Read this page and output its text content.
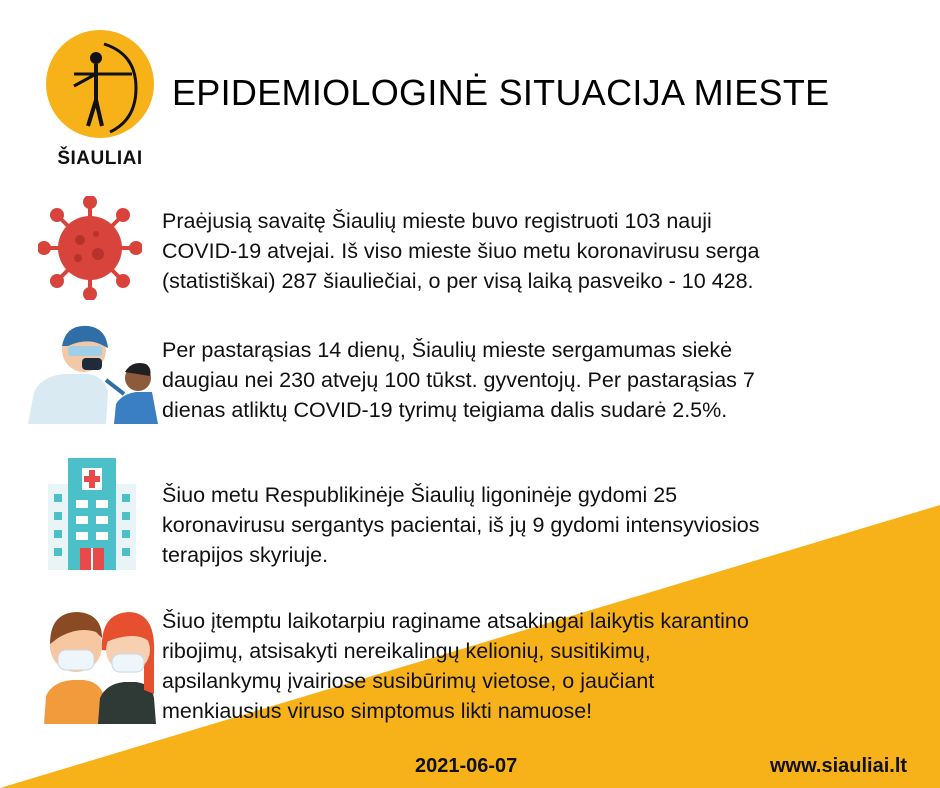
ŠIAULIAI
EPIDEMIOLOGINĖ SITUACIJA MIESTE
Praėjusią savaitę Šiaulių mieste buvo registruoti 103 nauji
COVID-19 atvejai. Iš viso mieste šiuo metu koronavirusu serga
(statistiškai) 287 šiauliečiai, o per visą laiką pasveiko - 10 428.
Per pastarąsias 14 dienų, Šiaulių mieste sergamumas siekė
daugiau nei 230 atvejų 100 tūkst. gyventojų. Per pastarąsias 7
dienas atliktų COVID-19 tyrimų teigiama dalis sudarė 2.5%.
Šiuo metu Respublikinėje Šiaulių ligoninėje gydomi 25
koronavirusu sergantys pacientai, iš jų 9 gydomi intensyviosios
terapijos skyriuje.
Šiuo įtemptu laikotarpiu raginame atsakingai laikytis karantino
ribojimų, atsisakyti nereikalingų kelionių, susitikimų,
apsilankymų įvairiose susibūrimų vietose, o jaučiant
menkiausius viruso simptomus likti namuose!
2021-06-07	www.siauliai.lt
